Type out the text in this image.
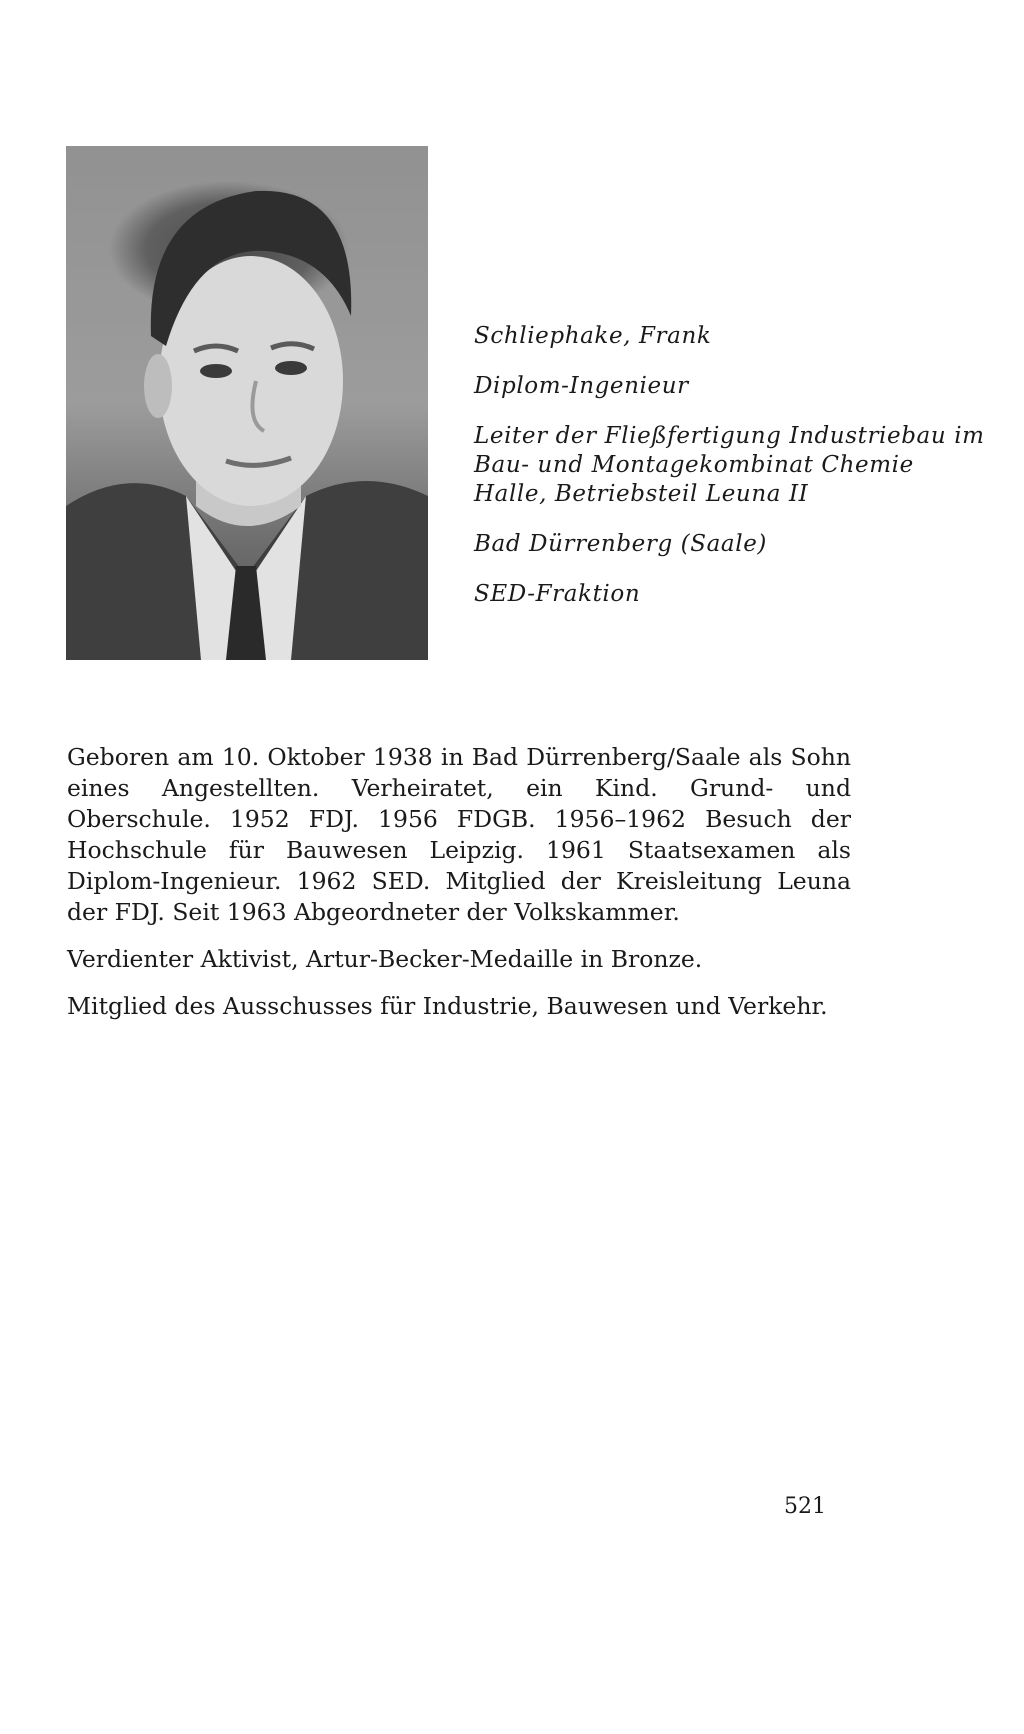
Schliephake, Frank

Diplom-Ingenieur

Leiter der Fließfertigung Industriebau im Bau- und Montagekombinat Chemie Halle, Betriebsteil Leuna II

Bad Dürrenberg (Saale)

SED-Fraktion

Geboren am 10. Oktober 1938 in Bad Dürrenberg/Saale als Sohn eines Angestellten. Verheiratet, ein Kind. Grund- und Oberschule. 1952 FDJ. 1956 FDGB. 1956–1962 Besuch der Hochschule für Bauwesen Leipzig. 1961 Staatsexamen als Diplom-Ingenieur. 1962 SED. Mitglied der Kreisleitung Leuna der FDJ. Seit 1963 Abgeordneter der Volkskammer.

Verdienter Aktivist, Artur-Becker-Medaille in Bronze.

Mitglied des Ausschusses für Industrie, Bauwesen und Verkehr.

521
